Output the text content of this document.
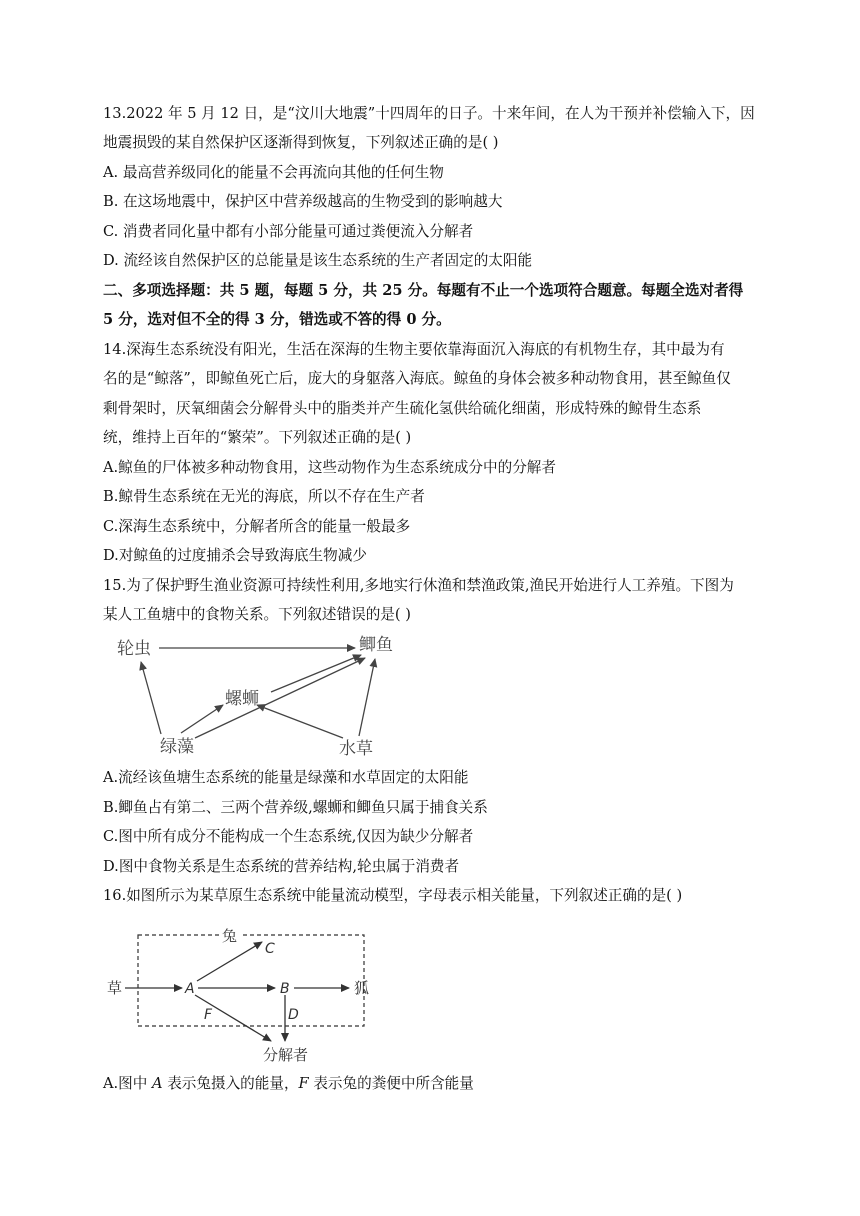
13.2022 年 5 月 12 日，是“汶川大地震”十四周年的日子。十来年间，在人为干预并补偿输入下，因
地震损毁的某自然保护区逐渐得到恢复，下列叙述正确的是( )
A. 最高营养级同化的能量不会再流向其他的任何生物
B. 在这场地震中，保护区中营养级越高的生物受到的影响越大
C. 消费者同化量中都有小部分能量可通过粪便流入分解者
D. 流经该自然保护区的总能量是该生态系统的生产者固定的太阳能
二、多项选择题：共 5 题，每题 5 分，共 25 分。每题有不止一个选项符合题意。每题全选对者得
5 分，选对但不全的得 3 分，错选或不答的得 0 分。
14.深海生态系统没有阳光，生活在深海的生物主要依靠海面沉入海底的有机物生存，其中最为有
名的是“鲸落”，即鲸鱼死亡后，庞大的身躯落入海底。鲸鱼的身体会被多种动物食用，甚至鲸鱼仅
剩骨架时，厌氧细菌会分解骨头中的脂类并产生硫化氢供给硫化细菌，形成特殊的鲸骨生态系
统，维持上百年的“繁荣”。下列叙述正确的是( )
A.鲸鱼的尸体被多种动物食用，这些动物作为生态系统成分中的分解者
B.鲸骨生态系统在无光的海底，所以不存在生产者
C.深海生态系统中，分解者所含的能量一般最多
D.对鲸鱼的过度捕杀会导致海底生物减少
15.为了保护野生渔业资源可持续性利用,多地实行休渔和禁渔政策,渔民开始进行人工养殖。下图为
某人工鱼塘中的食物关系。下列叙述错误的是( )
轮虫	鲫鱼
螺蛳
绿藻	水草
A.流经该鱼塘生态系统的能量是绿藻和水草固定的太阳能
B.鲫鱼占有第二、三两个营养级,螺蛳和鲫鱼只属于捕食关系
C.图中所有成分不能构成一个生态系统,仅因为缺少分解者
D.图中食物关系是生态系统的营养结构,轮虫属于消费者
16.如图所示为某草原生态系统中能量流动模型，字母表示相关能量，下列叙述正确的是( )
兔
草	狐
分解者
A	B
C
D
F
A.图中 A 表示兔摄入的能量，F 表示兔的粪便中所含能量
